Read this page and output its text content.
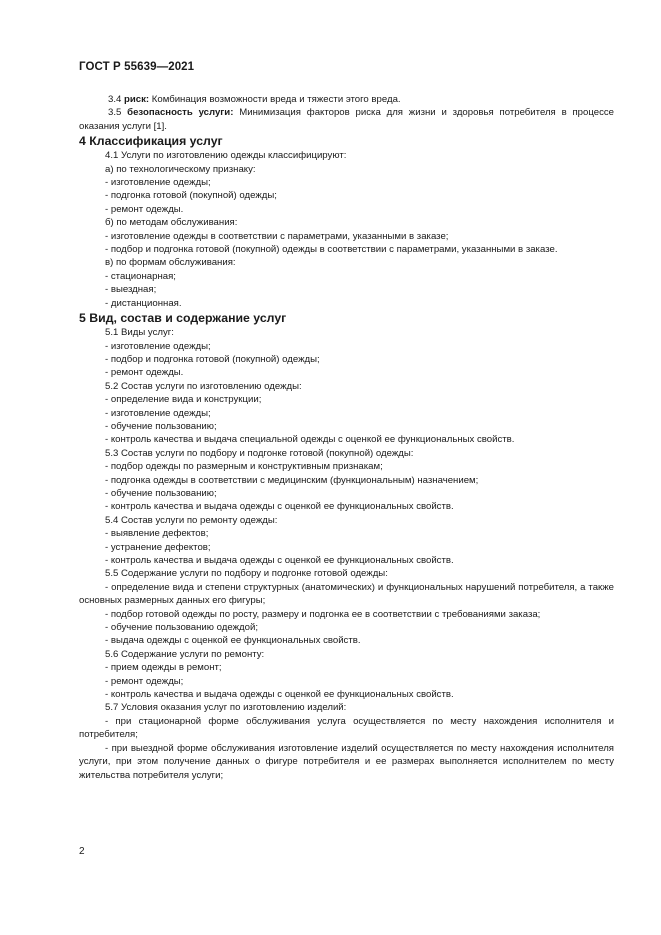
ГОСТ Р 55639—2021

3.4 риск: Комбинация возможности вреда и тяжести этого вреда.

3.5 безопасность услуги: Минимизация факторов риска для жизни и здоровья потребителя в процессе оказания услуги [1].

4 Классификация услуг

4.1 Услуги по изготовлению одежды классифицируют:

а) по технологическому признаку:

- изготовление одежды;

- подгонка готовой (покупной) одежды;

- ремонт одежды.

б) по методам обслуживания:

- изготовление одежды в соответствии с параметрами, указанными в заказе;

- подбор и подгонка готовой (покупной) одежды в соответствии с параметрами, указанными в заказе.

в) по формам обслуживания:

- стационарная;

- выездная;

- дистанционная.

5 Вид, состав и содержание услуг

5.1 Виды услуг:

- изготовление одежды;

- подбор и подгонка готовой (покупной) одежды;

- ремонт одежды.

5.2 Состав услуги по изготовлению одежды:

- определение вида и конструкции;

- изготовление одежды;

- обучение пользованию;

- контроль качества и выдача специальной одежды с оценкой ее функциональных свойств.

5.3 Состав услуги по подбору и подгонке готовой (покупной) одежды:

- подбор одежды по размерным и конструктивным признакам;

- подгонка одежды в соответствии с медицинским (функциональным) назначением;

- обучение пользованию;

- контроль качества и выдача одежды с оценкой ее функциональных свойств.

5.4 Состав услуги по ремонту одежды:

- выявление дефектов;

- устранение дефектов;

- контроль качества и выдача одежды с оценкой ее функциональных свойств.

5.5 Содержание услуги по подбору и подгонке готовой одежды:

- определение вида и степени структурных (анатомических) и функциональных нарушений потребителя, а также основных размерных данных его фигуры;

- подбор готовой одежды по росту, размеру и подгонка ее в соответствии с требованиями заказа;

- обучение пользованию одеждой;

- выдача одежды с оценкой ее функциональных свойств.

5.6 Содержание услуги по ремонту:

- прием одежды в ремонт;

- ремонт одежды;

- контроль качества и выдача одежды с оценкой ее функциональных свойств.

5.7 Условия оказания услуг по изготовлению изделий:

- при стационарной форме обслуживания услуга осуществляется по месту нахождения исполнителя и потребителя;

- при выездной форме обслуживания изготовление изделий осуществляется по месту нахождения исполнителя услуги, при этом получение данных о фигуре потребителя и ее размерах выполняется исполнителем по месту жительства потребителя услуги;

2
